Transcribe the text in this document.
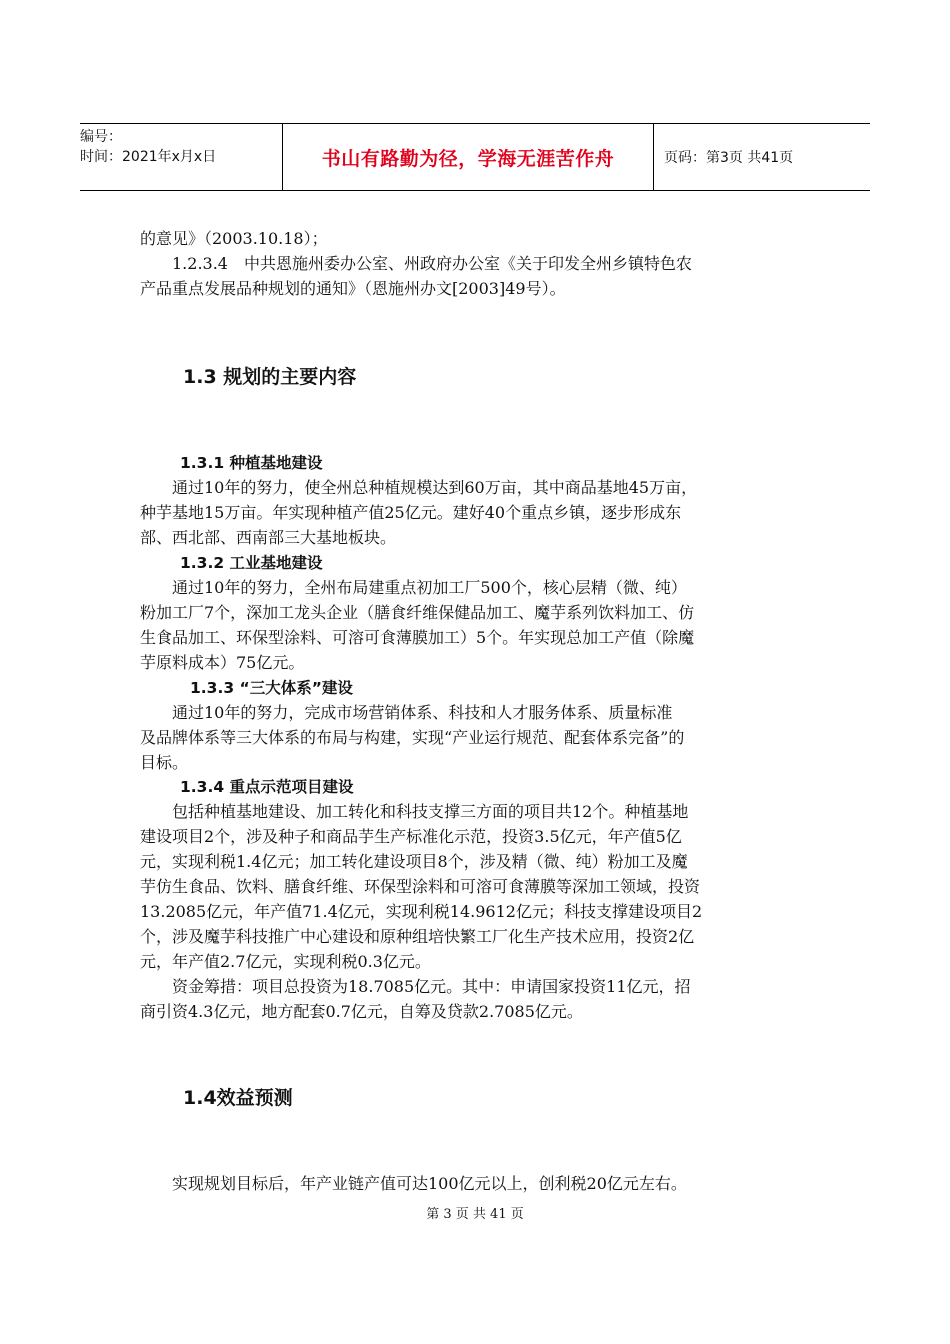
编号：
时间：2021年x月x日	书山有路勤为径，学海无涯苦作舟	页码：第3页 共41页
的意见》（2003.10.18）；
　　1.2.3.4　中共恩施州委办公室、州政府办公室《关于印发全州乡镇特色农
产品重点发展品种规划的通知》（恩施州办文[2003]49号）。
1.3 规划的主要内容
1.3.1 种植基地建设
　　通过10年的努力，使全州总种植规模达到60万亩，其中商品基地45万亩，
种芋基地15万亩。年实现种植产值25亿元。建好40个重点乡镇，逐步形成东
部、西北部、西南部三大基地板块。
1.3.2 工业基地建设
　　通过10年的努力，全州布局建重点初加工厂500个，核心层精（微、纯）
粉加工厂7个，深加工龙头企业（膳食纤维保健品加工、魔芋系列饮料加工、仿
生食品加工、环保型涂料、可溶可食薄膜加工）5个。年实现总加工产值（除魔
芋原料成本）75亿元。
1.3.3 “三大体系”建设
　　通过10年的努力，完成市场营销体系、科技和人才服务体系、质量标准
及品牌体系等三大体系的布局与构建，实现“产业运行规范、配套体系完备”的
目标。
1.3.4 重点示范项目建设
　　包括种植基地建设、加工转化和科技支撑三方面的项目共12个。种植基地
建设项目2个，涉及种子和商品芋生产标准化示范，投资3.5亿元，年产值5亿
元，实现利税1.4亿元；加工转化建设项目8个，涉及精（微、纯）粉加工及魔
芋仿生食品、饮料、膳食纤维、环保型涂料和可溶可食薄膜等深加工领域，投资
13.2085亿元，年产值71.4亿元，实现利税14.9612亿元；科技支撑建设项目2
个，涉及魔芋科技推广中心建设和原种组培快繁工厂化生产技术应用，投资2亿
元，年产值2.7亿元，实现利税0.3亿元。
　　资金筹措：项目总投资为18.7085亿元。其中：申请国家投资11亿元，招
商引资4.3亿元，地方配套0.7亿元，自筹及贷款2.7085亿元。
1.4效益预测
　　实现规划目标后，年产业链产值可达100亿元以上，创利税20亿元左右。
第 3 页 共 41 页
